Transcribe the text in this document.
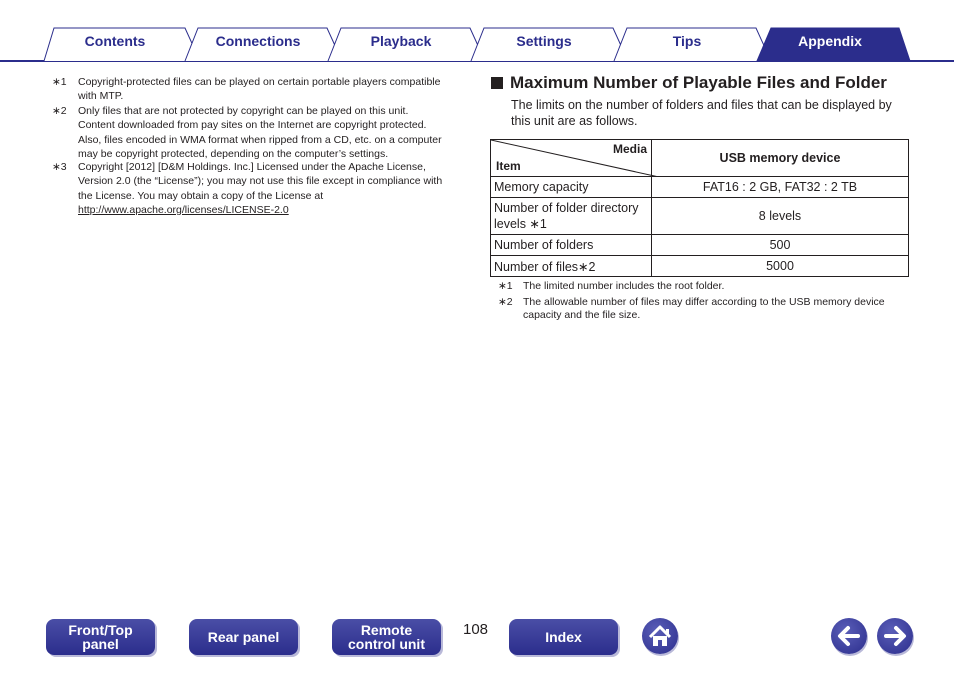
Contents	Connections	Playback	Settings	Tips	Appendix
∗1 Copyright-protected files can be played on certain portable players compatible
with MTP.
∗2 Only files that are not protected by copyright can be played on this unit.
Content downloaded from pay sites on the Internet are copyright protected.
Also, files encoded in WMA format when ripped from a CD, etc. on a computer
may be copyright protected, depending on the computer’s settings.
∗3 Copyright [2012] [D&M Holdings. Inc.] Licensed under the Apache License,
Version 2.0 (the “License”); you may not use this file except in compliance with
the License. You may obtain a copy of the License at
http://www.apache.org/licenses/LICENSE-2.0
Maximum Number of Playable Files and Folder
The limits on the number of folders and files that can be displayed by this unit are as follows.
Media
Item	USB memory device
Memory capacity	FAT16 : 2 GB, FAT32 : 2 TB
Number of folder directory levels ∗1	8 levels
Number of folders	500
Number of files∗2	5000
∗1 The limited number includes the root folder.
∗2 The allowable number of files may differ according to the USB memory device capacity and the file size.
Front/Top panel	Rear panel	Remote control unit
108	Index
